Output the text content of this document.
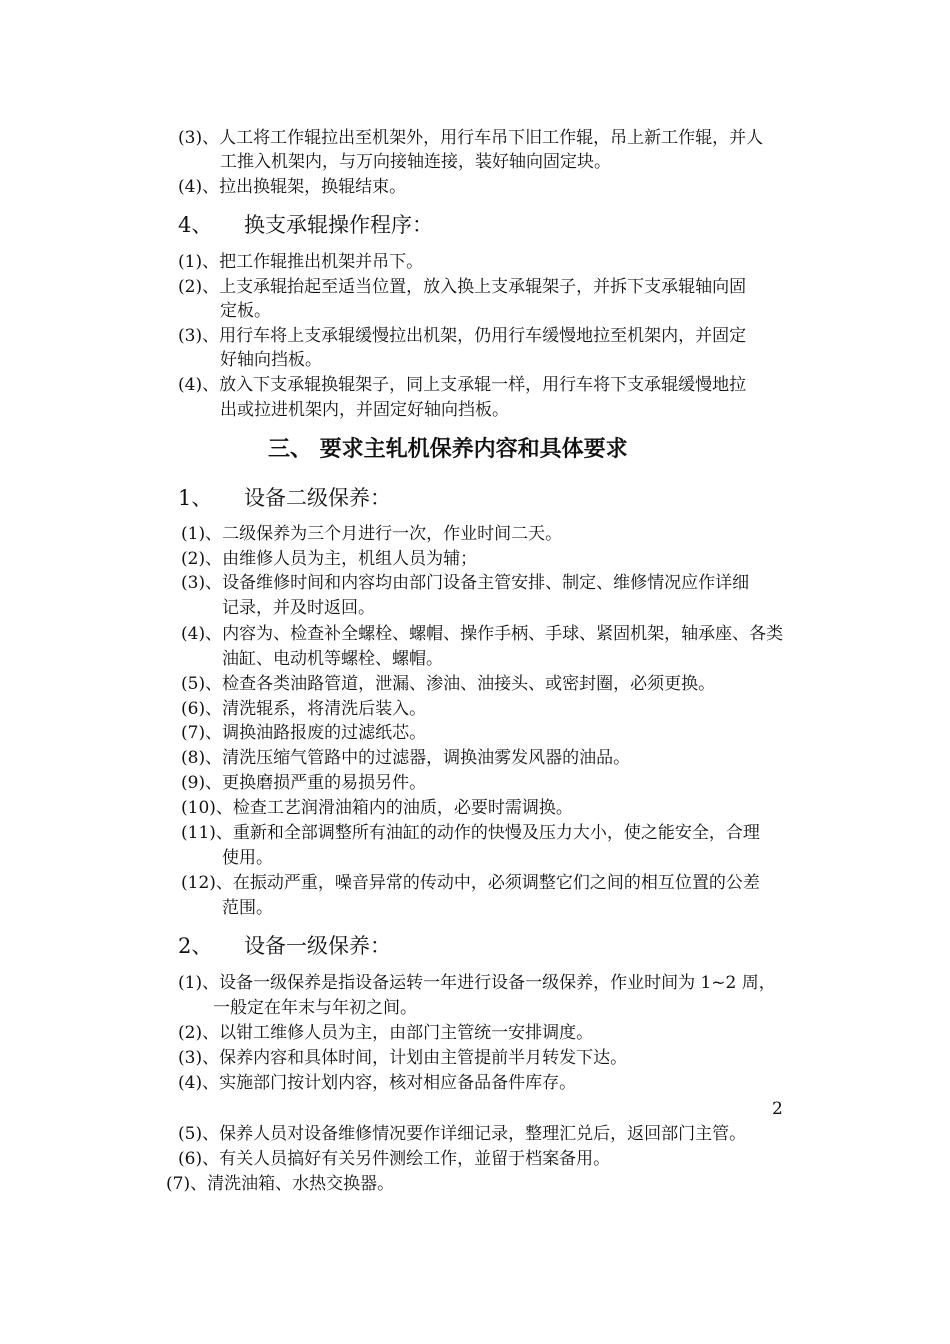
(3)、人工将工作辊拉出至机架外，用行车吊下旧工作辊，吊上新工作辊，并人
工推入机架内，与万向接轴连接，装好轴向固定块。
(4)、拉出换辊架，换辊结束。
4、 换支承辊操作程序：
(1)、把工作辊推出机架并吊下。
(2)、上支承辊抬起至适当位置，放入换上支承辊架子，并拆下支承辊轴向固
定板。
(3)、用行车将上支承辊缓慢拉出机架，仍用行车缓慢地拉至机架内，并固定
好轴向挡板。
(4)、放入下支承辊换辊架子，同上支承辊一样，用行车将下支承辊缓慢地拉
出或拉进机架内，并固定好轴向挡板。
三、 要求主轧机保养内容和具体要求
1、 设备二级保养：
(1)、二级保养为三个月进行一次，作业时间二天。
(2)、由维修人员为主，机组人员为辅；
(3)、设备维修时间和内容均由部门设备主管安排、制定、维修情况应作详细
记录，并及时返回。
(4)、内容为、检查补全螺栓、螺帽、操作手柄、手球、紧固机架，轴承座、各类
油缸、电动机等螺栓、螺帽。
(5)、检查各类油路管道，泄漏、渗油、油接头、或密封圈，必须更换。
(6)、清洗辊系，将清洗后装入。
(7)、调换油路报废的过滤纸芯。
(8)、清洗压缩气管路中的过滤器，调换油雾发风器的油品。
(9)、更换磨损严重的易损另件。
(10)、检查工艺润滑油箱内的油质，必要时需调换。
(11)、重新和全部调整所有油缸的动作的快慢及压力大小，使之能安全，合理
使用。
(12)、在振动严重，噪音异常的传动中，必须调整它们之间的相互位置的公差
范围。
2、 设备一级保养：
(1)、设备一级保养是指设备运转一年进行设备一级保养，作业时间为 1~2 周，
一般定在年末与年初之间。
(2)、以钳工维修人员为主，由部门主管统一安排调度。
(3)、保养内容和具体时间，计划由主管提前半月转发下达。
(4)、实施部门按计划内容，核对相应备品备件库存。
2
(5)、保养人员对设备维修情况要作详细记录，整理汇兑后，返回部门主管。
(6)、有关人员搞好有关另件测绘工作，並留于档案备用。
(7)、清洗油箱、水热交换器。
